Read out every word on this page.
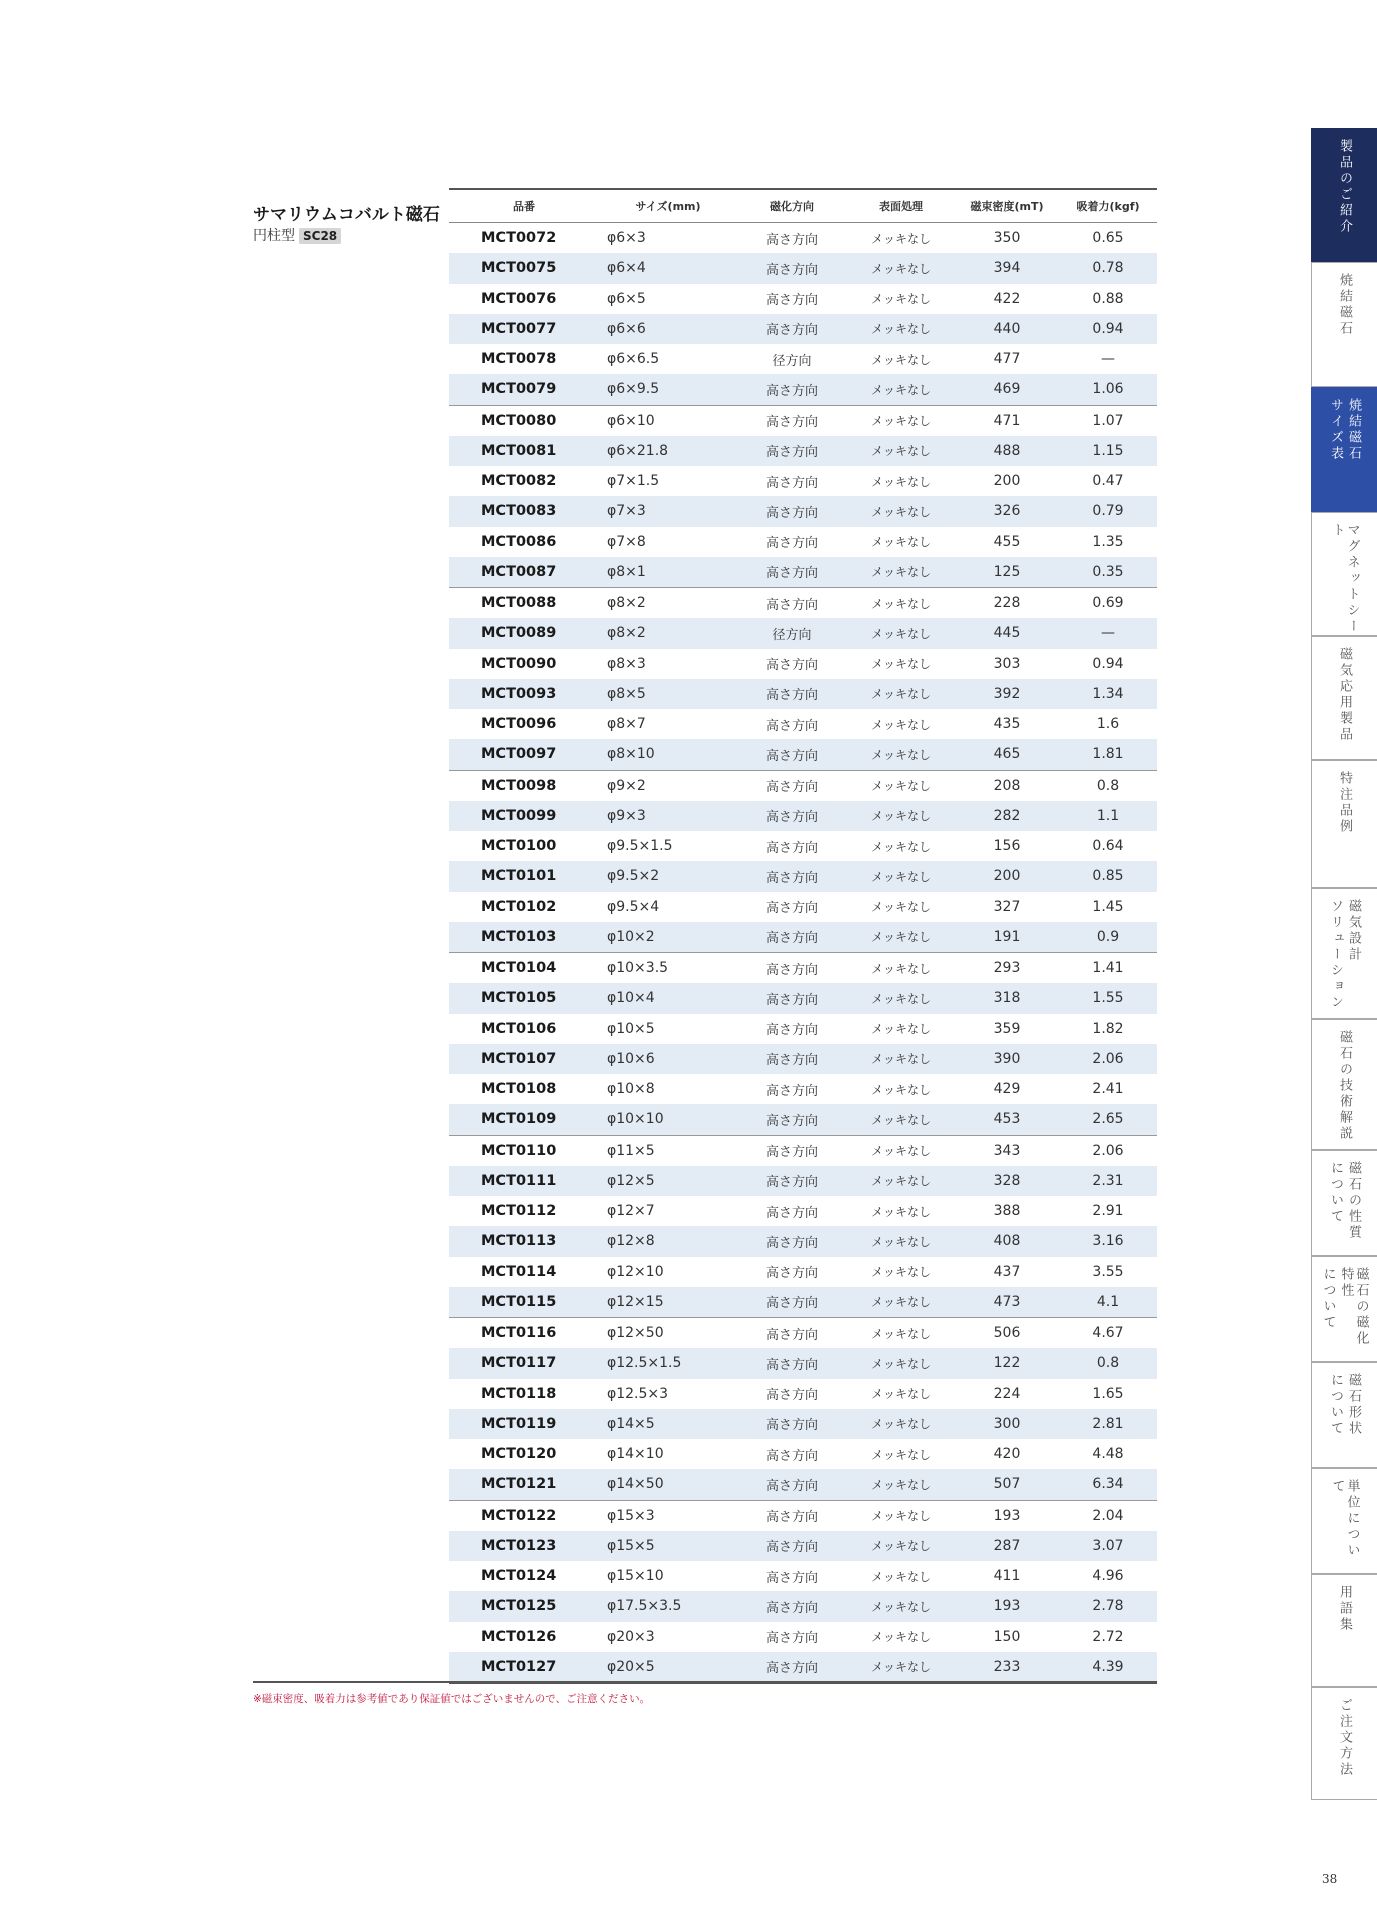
サマリウムコバルト磁石
円柱型 SC28
品番	サイズ(mm)	磁化方向	表面処理	磁束密度(mT)	吸着力(kgf)
MCT0072	φ6×3	高さ方向	メッキなし	350	0.65
MCT0075	φ6×4	高さ方向	メッキなし	394	0.78
MCT0076	φ6×5	高さ方向	メッキなし	422	0.88
MCT0077	φ6×6	高さ方向	メッキなし	440	0.94
MCT0078	φ6×6.5	径方向	メッキなし	477	—
MCT0079	φ6×9.5	高さ方向	メッキなし	469	1.06
MCT0080	φ6×10	高さ方向	メッキなし	471	1.07
MCT0081	φ6×21.8	高さ方向	メッキなし	488	1.15
MCT0082	φ7×1.5	高さ方向	メッキなし	200	0.47
MCT0083	φ7×3	高さ方向	メッキなし	326	0.79
MCT0086	φ7×8	高さ方向	メッキなし	455	1.35
MCT0087	φ8×1	高さ方向	メッキなし	125	0.35
MCT0088	φ8×2	高さ方向	メッキなし	228	0.69
MCT0089	φ8×2	径方向	メッキなし	445	—
MCT0090	φ8×3	高さ方向	メッキなし	303	0.94
MCT0093	φ8×5	高さ方向	メッキなし	392	1.34
MCT0096	φ8×7	高さ方向	メッキなし	435	1.6
MCT0097	φ8×10	高さ方向	メッキなし	465	1.81
MCT0098	φ9×2	高さ方向	メッキなし	208	0.8
MCT0099	φ9×3	高さ方向	メッキなし	282	1.1
MCT0100	φ9.5×1.5	高さ方向	メッキなし	156	0.64
MCT0101	φ9.5×2	高さ方向	メッキなし	200	0.85
MCT0102	φ9.5×4	高さ方向	メッキなし	327	1.45
MCT0103	φ10×2	高さ方向	メッキなし	191	0.9
MCT0104	φ10×3.5	高さ方向	メッキなし	293	1.41
MCT0105	φ10×4	高さ方向	メッキなし	318	1.55
MCT0106	φ10×5	高さ方向	メッキなし	359	1.82
MCT0107	φ10×6	高さ方向	メッキなし	390	2.06
MCT0108	φ10×8	高さ方向	メッキなし	429	2.41
MCT0109	φ10×10	高さ方向	メッキなし	453	2.65
MCT0110	φ11×5	高さ方向	メッキなし	343	2.06
MCT0111	φ12×5	高さ方向	メッキなし	328	2.31
MCT0112	φ12×7	高さ方向	メッキなし	388	2.91
MCT0113	φ12×8	高さ方向	メッキなし	408	3.16
MCT0114	φ12×10	高さ方向	メッキなし	437	3.55
MCT0115	φ12×15	高さ方向	メッキなし	473	4.1
MCT0116	φ12×50	高さ方向	メッキなし	506	4.67
MCT0117	φ12.5×1.5	高さ方向	メッキなし	122	0.8
MCT0118	φ12.5×3	高さ方向	メッキなし	224	1.65
MCT0119	φ14×5	高さ方向	メッキなし	300	2.81
MCT0120	φ14×10	高さ方向	メッキなし	420	4.48
MCT0121	φ14×50	高さ方向	メッキなし	507	6.34
MCT0122	φ15×3	高さ方向	メッキなし	193	2.04
MCT0123	φ15×5	高さ方向	メッキなし	287	3.07
MCT0124	φ15×10	高さ方向	メッキなし	411	4.96
MCT0125	φ17.5×3.5	高さ方向	メッキなし	193	2.78
MCT0126	φ20×3	高さ方向	メッキなし	150	2.72
MCT0127	φ20×5	高さ方向	メッキなし	233	4.39
※磁束密度、吸着力は参考値であり保証値ではございませんので、ご注意ください。
製品のご紹介
焼結磁石
焼結磁石
サイズ表
マグネットシート
磁気応用製品
特注品例
磁気設計
ソリューション
磁石の技術解説
磁石の性質
について
磁石の磁化特性
について
磁石形状
について
単位について
用語集
ご注文方法
38
